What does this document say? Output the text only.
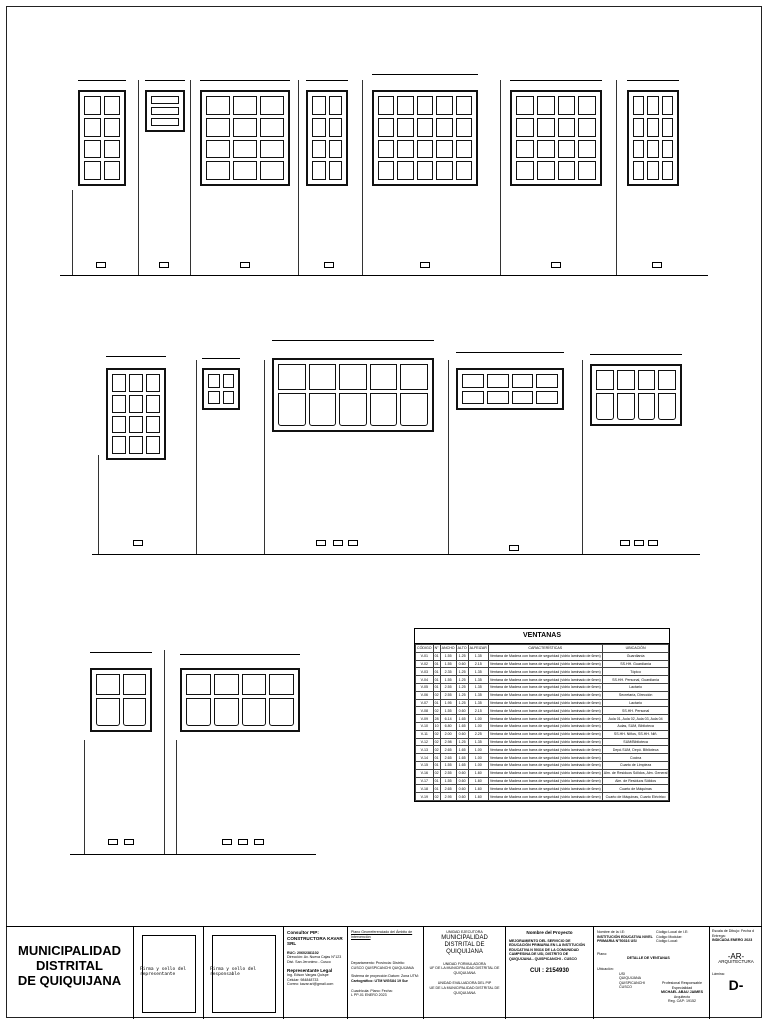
VENTANAS
CÓDIGO	N°	ANCHO	ALTO	ALFEIZAR	CARACTERÍSTICAS	UBICACIÓN
V-01	01	1.55	1.25	1.35	Ventana de Madera con barra de seguridad (vidrio laminado de 6mm)	Guardianía
V-02	01	1.55	0.60	2.15	Ventana de Madera con barra de seguridad (vidrio laminado de 6mm)	SS.HH. Guardianía
V-03	01	2.35	1.25	1.35	Ventana de Madera con barra de seguridad (vidrio laminado de 6mm)	Tópico
V-04	01	1.55	1.25	1.35	Ventana de Madera con barra de seguridad (vidrio laminado de 6mm)	SS.HH. Personal, Guardianía
V-05	01	2.55	1.25	1.35	Ventana de Madera con barra de seguridad (vidrio laminado de 6mm)	Lactario
V-06	02	2.55	1.25	1.35	Ventana de Madera con barra de seguridad (vidrio laminado de 6mm)	Secretaría, Dirección
V-07	01	1.95	1.25	1.35	Ventana de Madera con barra de seguridad (vidrio laminado de 6mm)	Lactario
V-08	02	1.55	0.60	2.15	Ventana de Madera con barra de seguridad (vidrio laminado de 6mm)	SS.HH. Personal
V-09	28	6.14	1.65	1.00	Ventana de Madera con barra de seguridad (vidrio laminado de 6mm)	Aula 01, Aula 02, Aula 03, Aula 04
V-10	10	6.80	1.65	1.00	Ventana de Madera con barra de seguridad (vidrio laminado de 6mm)	Aulas, SUM, Biblioteca
V-11	02	2.00	0.60	2.25	Ventana de Madera con barra de seguridad (vidrio laminado de 6mm)	SS.HH. Niños, SS.HH. Niñ.
V-12	02	2.98	1.25	1.35	Ventana de Madera con barra de seguridad (vidrio laminado de 6mm)	SUM/Biblioteca
V-13	02	2.65	1.65	1.00	Ventana de Madera con barra de seguridad (vidrio laminado de 6mm)	Depó.SUM, Depó. Biblioteca
V-14	01	2.65	1.65	1.00	Ventana de Madera con barra de seguridad (vidrio laminado de 6mm)	Cocina
V-15	01	1.55	1.65	1.00	Ventana de Madera con barra de seguridad (vidrio laminado de 6mm)	Cuarto de Limpieza
V-16	02	2.55	0.60	1.60	Ventana de Madera con barra de seguridad (vidrio laminado de 6mm)	Alm. de Residuos Sólidos, Alm. General
V-17	01	1.55	0.60	1.60	Ventana de Madera con barra de seguridad (vidrio laminado de 6mm)	Alm. de Residuos Sólidos
V-18	01	2.65	0.60	1.60	Ventana de Madera con barra de seguridad (vidrio laminado de 6mm)	Cuarto de Máquinas
V-19	02	2.95	0.60	1.60	Ventana de Madera con barra de seguridad (vidrio laminado de 6mm)	Cuarto de Máquinas, Cuarto Eléctrico
MUNICIPALIDAD
DISTRITAL
DE QUIQUIJANA
Firma y sello del representante
Firma y sello del responsable
Consultor PIP:
CONSTRUCTORA KAVAR SRL
RUC: 20602381102
Dirección: Av. Nueva Cajas N°123
Dist. San Jeronimo - Cusco
Representante Legal
Ing. Edson Vargas Quispe
Celular: 984848733
Correo: kavar.srl@gmail.com
Plano Georreferenciado del Ámbito de Intervención
Departamento: Provincia: Distrito:
CUSCO QUISPICANCHI QUIQUIJANA
Sistema de proyección Datum: Zona UTM:
Cartográfico: UTM WGS84 19 Sur
Cuadrícula: Plano: Fecha:
L PP-01 ENERO 2023
UNIDAD EJECUTORA
MUNICIPALIDAD
DISTRITAL DE QUIQUIJANA
UNIDAD FORMULADORA
UF DE LA MUNICIPALIDAD DISTRITAL DE QUIQUIJANA
UNIDAD EVALUADORA DEL PIP
UE DE LA MUNICIPALIDAD DISTRITAL DE QUIQUIJANA
Nombre del Proyecto
MEJORAMIENTO DEL SERVICIO DE EDUCACIÓN PRIMARIA EN LA INSTITUCIÓN EDUCATIVA N 50316 DE LA COMUNIDAD CAMPESINA DE USI, DISTRITO DE QUIQUIJANA - QUISPICANCHI - CUSCO
CUI : 2154930
Nombre de la I.E:
INSTITUCIÓN EDUCATIVA NIVEL PRIMARIA N°50316 USI
Código Local de I.E:
Código Modular:
Código Local:
Plano:
DETALLE DE VENTANAS
Ubicación:
USI
QUIQUIJANA
QUISPICANCHI
CUSCO
Profesional Responsable Especialidad
MICHAEL ABAU JAIMES
Arquitecto
Reg. CAP: 19152
Escala de Dibujo: Fecha d Entrega:
INDICADA ENERO 2023
-AR-
ARQUITECTURA
Lámina:
D-
